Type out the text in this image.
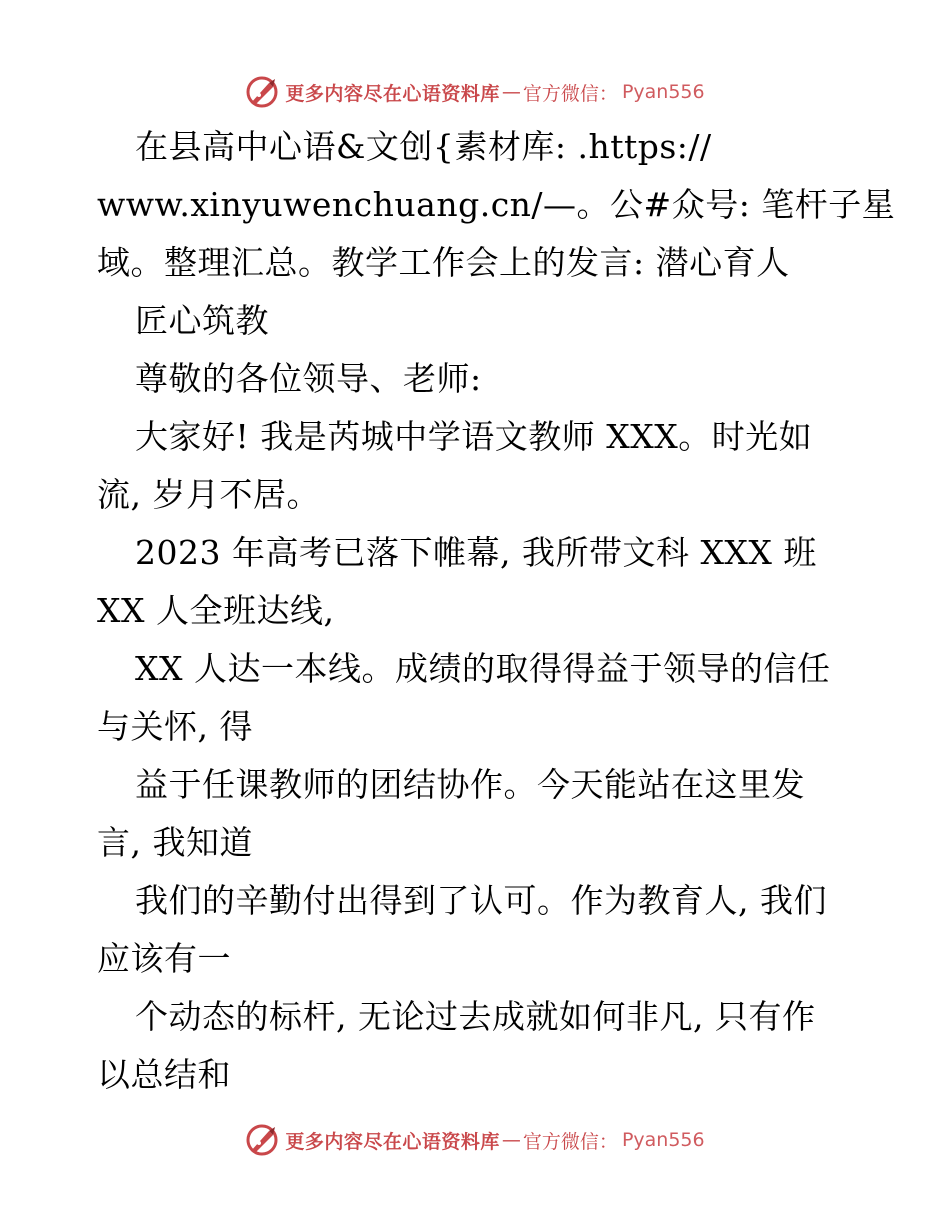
更多内容尽在心语资料库 — 官方微信： Pyan556
在县高中心语&文创{素材库: .https://
www.xinyuwenchuang.cn/—。公#众号: 笔杆子星
域。整理汇总。教学工作会上的发言: 潜心育人
匠心筑教
尊敬的各位领导、老师:
大家好! 我是芮城中学语文教师 XXX。时光如
流, 岁月不居。
2023 年高考已落下帷幕, 我所带文科 XXX 班
XX 人全班达线,
XX 人达一本线。成绩的取得得益于领导的信任
与关怀, 得
益于任课教师的团结协作。今天能站在这里发
言, 我知道
我们的辛勤付出得到了认可。作为教育人, 我们
应该有一
个动态的标杆, 无论过去成就如何非凡, 只有作
以总结和
更多内容尽在心语资料库 — 官方微信： Pyan556
